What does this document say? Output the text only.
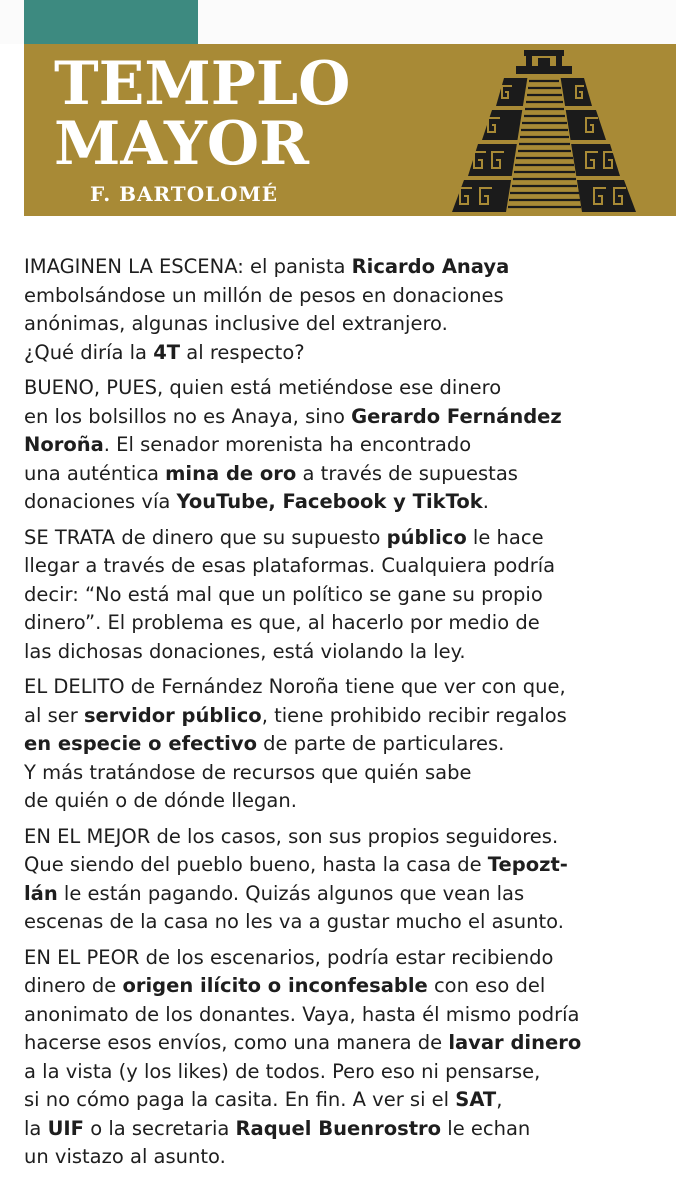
TEMPLO
MAYOR
F. BARTOLOMÉ

IMAGINEN LA ESCENA: el panista Ricardo Anaya
embolsándose un millón de pesos en donaciones
anónimas, algunas inclusive del extranjero.
¿Qué diría la 4T al respecto?

BUENO, PUES, quien está metiéndose ese dinero
en los bolsillos no es Anaya, sino Gerardo Fernández
Noroña. El senador morenista ha encontrado
una auténtica mina de oro a través de supuestas
donaciones vía YouTube, Facebook y TikTok.

SE TRATA de dinero que su supuesto público le hace
llegar a través de esas plataformas. Cualquiera podría
decir: “No está mal que un político se gane su propio
dinero”. El problema es que, al hacerlo por medio de
las dichosas donaciones, está violando la ley.

EL DELITO de Fernández Noroña tiene que ver con que,
al ser servidor público, tiene prohibido recibir regalos
en especie o efectivo de parte de particulares.
Y más tratándose de recursos que quién sabe
de quién o de dónde llegan.

EN EL MEJOR de los casos, son sus propios seguidores.
Que siendo del pueblo bueno, hasta la casa de Tepozt-
lán le están pagando. Quizás algunos que vean las
escenas de la casa no les va a gustar mucho el asunto.

EN EL PEOR de los escenarios, podría estar recibiendo
dinero de origen ilícito o inconfesable con eso del
anonimato de los donantes. Vaya, hasta él mismo podría
hacerse esos envíos, como una manera de lavar dinero
a la vista (y los likes) de todos. Pero eso ni pensarse,
si no cómo paga la casita. En fin. A ver si el SAT,
la UIF o la secretaria Raquel Buenrostro le echan
un vistazo al asunto.
